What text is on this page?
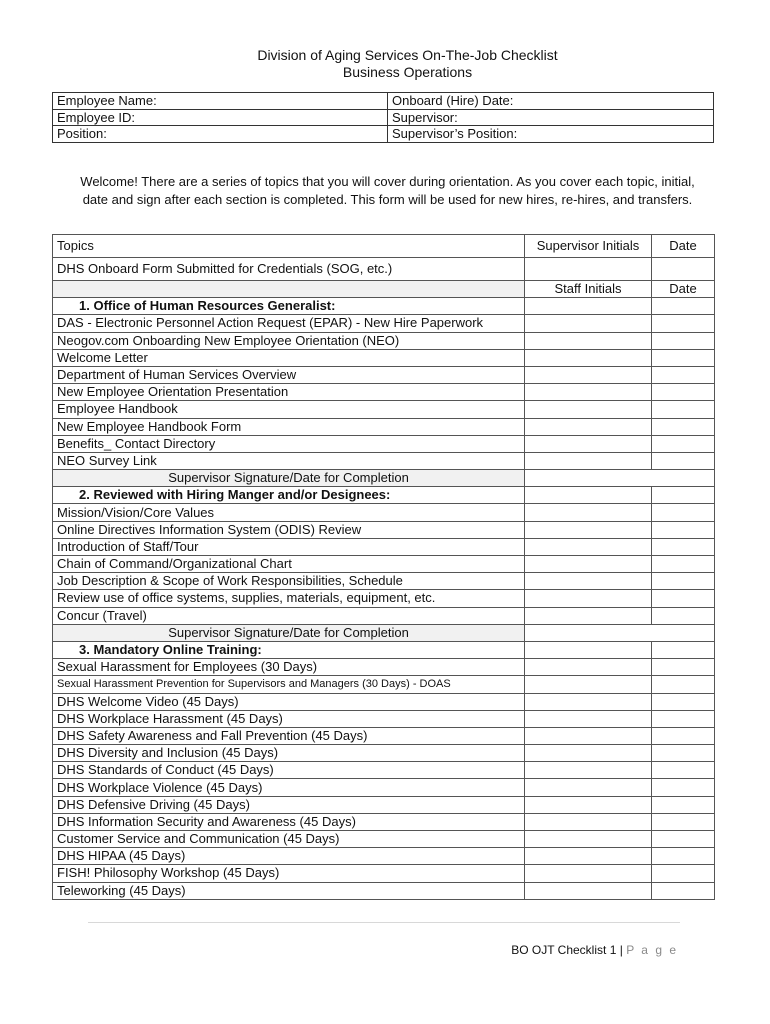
Division of Aging Services On-The-Job Checklist
Business Operations
Employee Name:	Onboard (Hire) Date:
Employee ID:	Supervisor:
Position:	Supervisor’s Position:
Welcome! There are a series of topics that you will cover during orientation. As you cover each topic, initial, date and sign after each section is completed. This form will be used for new hires, re-hires, and transfers.
Topics	Supervisor Initials	Date
DHS Onboard Form Submitted for Credentials (SOG, etc.)		
	Staff Initials	Date
1. Office of Human Resources Generalist:		
DAS - Electronic Personnel Action Request (EPAR) - New Hire Paperwork		
Neogov.com Onboarding New Employee Orientation (NEO)		
Welcome Letter		
Department of Human Services Overview		
New Employee Orientation Presentation		
Employee Handbook		
New Employee Handbook Form		
Benefits_ Contact Directory		
NEO Survey Link		
Supervisor Signature/Date for Completion		
2. Reviewed with Hiring Manger and/or Designees:		
Mission/Vision/Core Values		
Online Directives Information System (ODIS) Review		
Introduction of Staff/Tour		
Chain of Command/Organizational Chart		
Job Description & Scope of Work Responsibilities, Schedule		
Review use of office systems, supplies, materials, equipment, etc.		
Concur (Travel)		
Supervisor Signature/Date for Completion		
3. Mandatory Online Training:		
Sexual Harassment for Employees (30 Days)		
Sexual Harassment Prevention for Supervisors and Managers (30 Days) - DOAS		
DHS Welcome Video (45 Days)		
DHS Workplace Harassment (45 Days)		
DHS Safety Awareness and Fall Prevention (45 Days)		
DHS Diversity and Inclusion (45 Days)		
DHS Standards of Conduct (45 Days)		
DHS Workplace Violence (45 Days)		
DHS Defensive Driving (45 Days)		
DHS Information Security and Awareness (45 Days)		
Customer Service and Communication (45 Days)		
DHS HIPAA (45 Days)		
FISH! Philosophy Workshop (45 Days)		
Teleworking (45 Days)		
BO OJT Checklist 1 | P a g e
